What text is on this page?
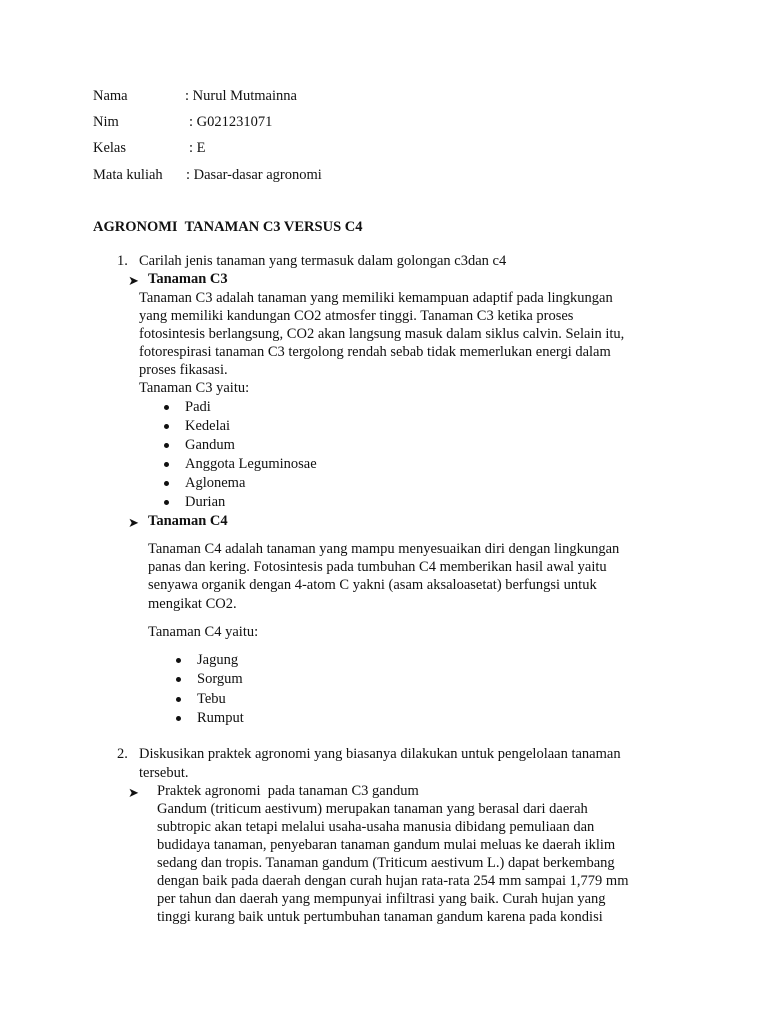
Nama	: Nurul Mutmainna
Nim	: G021231071
Kelas	: E
Mata kuliah : Dasar-dasar agronomi
AGRONOMI  TANAMAN C3 VERSUS C4
1. Carilah jenis tanaman yang termasuk dalam golongan c3dan c4
➤ Tanaman C3
Tanaman C3 adalah tanaman yang memiliki kemampuan adaptif pada lingkungan
yang memiliki kandungan CO2 atmosfer tinggi. Tanaman C3 ketika proses
fotosintesis berlangsung, CO2 akan langsung masuk dalam siklus calvin. Selain itu,
fotorespirasi tanaman C3 tergolong rendah sebab tidak memerlukan energi dalam
proses fikasasi.
Tanaman C3 yaitu:
Padi
Kedelai
Gandum
Anggota Leguminosae
Aglonema
Durian
➤ Tanaman C4
Tanaman C4 adalah tanaman yang mampu menyesuaikan diri dengan lingkungan
panas dan kering. Fotosintesis pada tumbuhan C4 memberikan hasil awal yaitu
senyawa organik dengan 4-atom C yakni (asam aksaloasetat) berfungsi untuk
mengikat CO2.
Tanaman C4 yaitu:
Jagung
Sorgum
Tebu
Rumput
2. Diskusikan praktek agronomi yang biasanya dilakukan untuk pengelolaan tanaman
tersebut.
➤ Praktek agronomi  pada tanaman C3 gandum
Gandum (triticum aestivum) merupakan tanaman yang berasal dari daerah
subtropic akan tetapi melalui usaha-usaha manusia dibidang pemuliaan dan
budidaya tanaman, penyebaran tanaman gandum mulai meluas ke daerah iklim
sedang dan tropis. Tanaman gandum (Triticum aestivum L.) dapat berkembang
dengan baik pada daerah dengan curah hujan rata-rata 254 mm sampai 1,779 mm
per tahun dan daerah yang mempunyai infiltrasi yang baik. Curah hujan yang
tinggi kurang baik untuk pertumbuhan tanaman gandum karena pada kondisi
